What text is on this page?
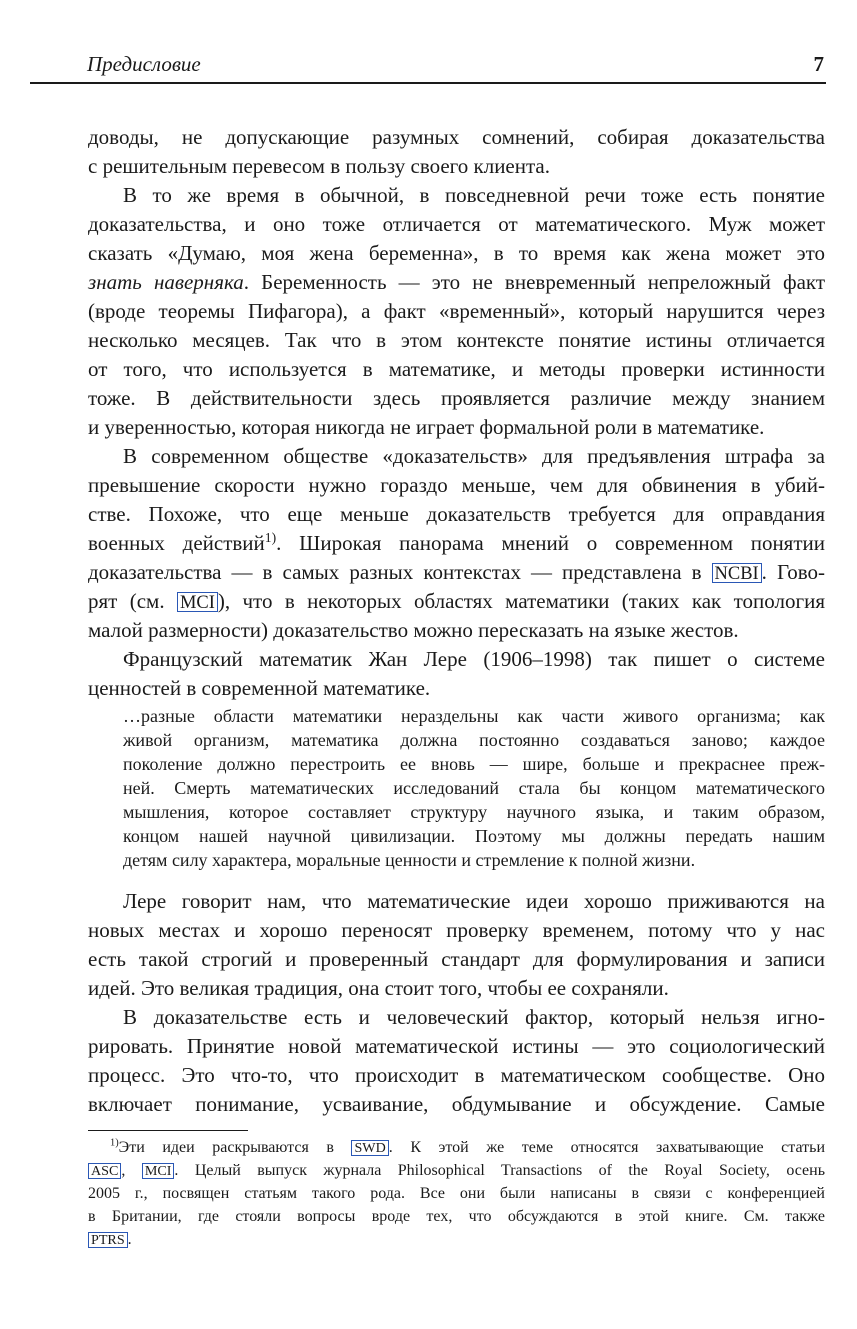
Предисловие	7
доводы, не допускающие разумных сомнений, собирая доказательства
с решительным перевесом в пользу своего клиента.
В то же время в обычной, в повседневной речи тоже есть понятие
доказательства, и оно тоже отличается от математического. Муж может
сказать «Думаю, моя жена беременна», в то время как жена может это
знать наверняка. Беременность — это не вневременный непреложный факт
(вроде теоремы Пифагора), а факт «временный», который нарушится через
несколько месяцев. Так что в этом контексте понятие истины отличается
от того, что используется в математике, и методы проверки истинности
тоже. В действительности здесь проявляется различие между знанием
и уверенностью, которая никогда не играет формальной роли в математике.
В современном обществе «доказательств» для предъявления штрафа за
превышение скорости нужно гораздо меньше, чем для обвинения в убий-
стве. Похоже, что еще меньше доказательств требуется для оправдания
военных действий$^{1)}$. Широкая панорама мнений о современном понятии
доказательства — в самых разных контекстах — представлена в NCBI . Гово-
рят (см. MCI ), что в некоторых областях математики (таких как топология
малой размерности) доказательство можно пересказать на языке жестов.
Французский математик Жан Лере (1906–1998) так пишет о системе
ценностей в современной математике.
…разные области математики нераздельны как части живого организма; как
живой организм, математика должна постоянно создаваться заново; каждое
поколение должно перестроить ее вновь — шире, больше и прекраснее преж-
ней. Смерть математических исследований стала бы концом математического
мышления, которое составляет структуру научного языка, и таким образом,
концом нашей научной цивилизации. Поэтому мы должны передать нашим
детям силу характера, моральные ценности и стремление к полной жизни.
Лере говорит нам, что математические идеи хорошо приживаются на
новых местах и хорошо переносят проверку временем, потому что у нас
есть такой строгий и проверенный стандарт для формулирования и записи
идей. Это великая традиция, она стоит того, чтобы ее сохраняли.
В доказательстве есть и человеческий фактор, который нельзя игно-
рировать. Принятие новой математической истины — это социологический
процесс. Это что-то, что происходит в математическом сообществе. Оно
включает понимание, усваивание, обдумывание и обсуждение. Самые
$^{1)}$Эти идеи раскрываются в SWD . К этой же теме относятся захватывающие статьи
ASC , MCI . Целый выпуск журнала Philosophical Transactions of the Royal Society, осень
2005 г., посвящен статьям такого рода. Все они были написаны в связи с конференцией
в Британии, где стояли вопросы вроде тех, что обсуждаются в этой книге. См. также
PTRS .
